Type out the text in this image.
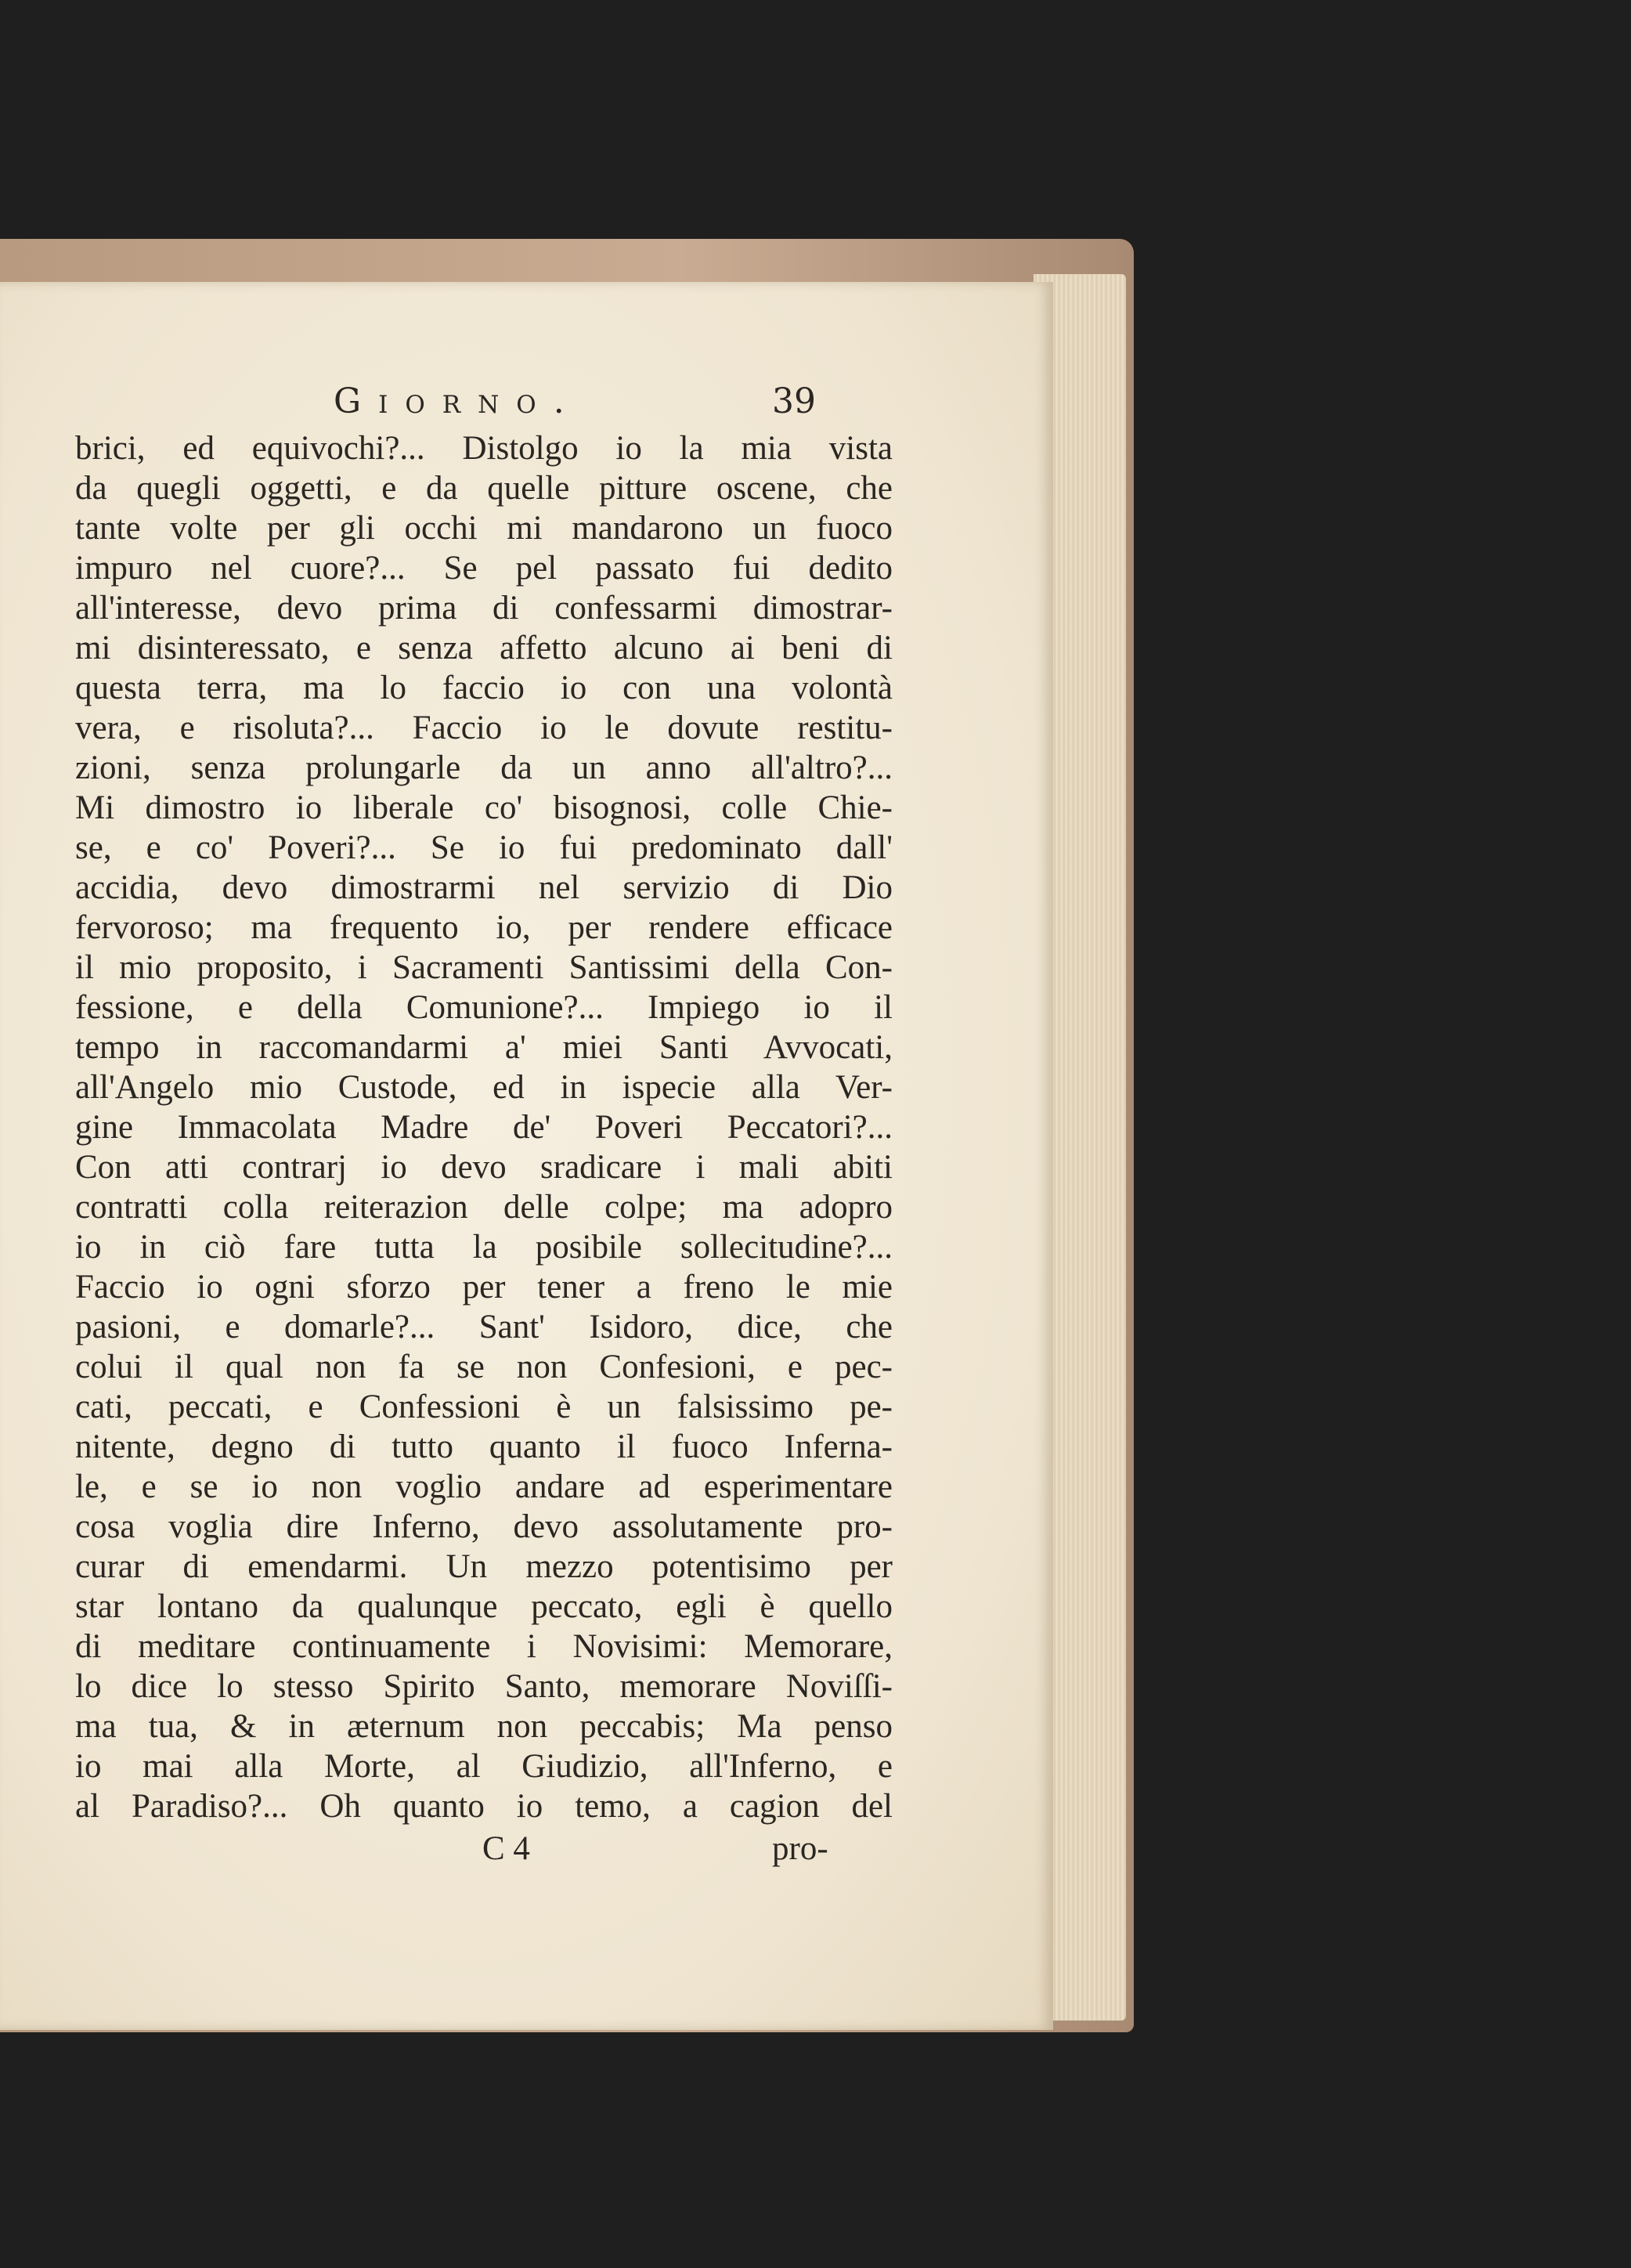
Giorno.	39
brici, ed equivochi?... Distolgo io la mia vista
da quegli oggetti, e da quelle pitture oscene, che
tante volte per gli occhi mi mandarono un fuoco
impuro nel cuore?... Se pel passato fui dedito
all'interesse, devo prima di confessarmi dimostrar-
mi disinteressato, e senza affetto alcuno ai beni di
questa terra, ma lo faccio io con una volontà
vera, e risoluta?... Faccio io le dovute restitu-
zioni, senza prolungarle da un anno all'altro?...
Mi dimostro io liberale co' bisognosi, colle Chie-
se, e co' Poveri?... Se io fui predominato dall'
accidia, devo dimostrarmi nel servizio di Dio
fervoroso; ma frequento io, per rendere efficace
il mio proposito, i Sacramenti Santissimi della Con-
fessione, e della Comunione?... Impiego io il
tempo in raccomandarmi a' miei Santi Avvocati,
all'Angelo mio Custode, ed in ispecie alla Ver-
gine Immacolata Madre de' Poveri Peccatori?...
Con atti contrarj io devo sradicare i mali abiti
contratti colla reiterazion delle colpe; ma adopro
io in ciò fare tutta la posibile sollecitudine?...
Faccio io ogni sforzo per tener a freno le mie
pasioni, e domarle?... Sant' Isidoro, dice, che
colui il qual non fa se non Confesioni, e pec-
cati, peccati, e Confessioni è un falsissimo pe-
nitente, degno di tutto quanto il fuoco Inferna-
le, e se io non voglio andare ad esperimentare
cosa voglia dire Inferno, devo assolutamente pro-
curar di emendarmi. Un mezzo potentisimo per
star lontano da qualunque peccato, egli è quello
di meditare continuamente i Novisimi: Memorare,
lo dice lo stesso Spirito Santo, memorare Noviſſi-
ma tua, & in æternum non peccabis; Ma penso
io mai alla Morte, al Giudizio, all'Inferno, e
al Paradiso?... Oh quanto io temo, a cagion del
C 4	pro-
